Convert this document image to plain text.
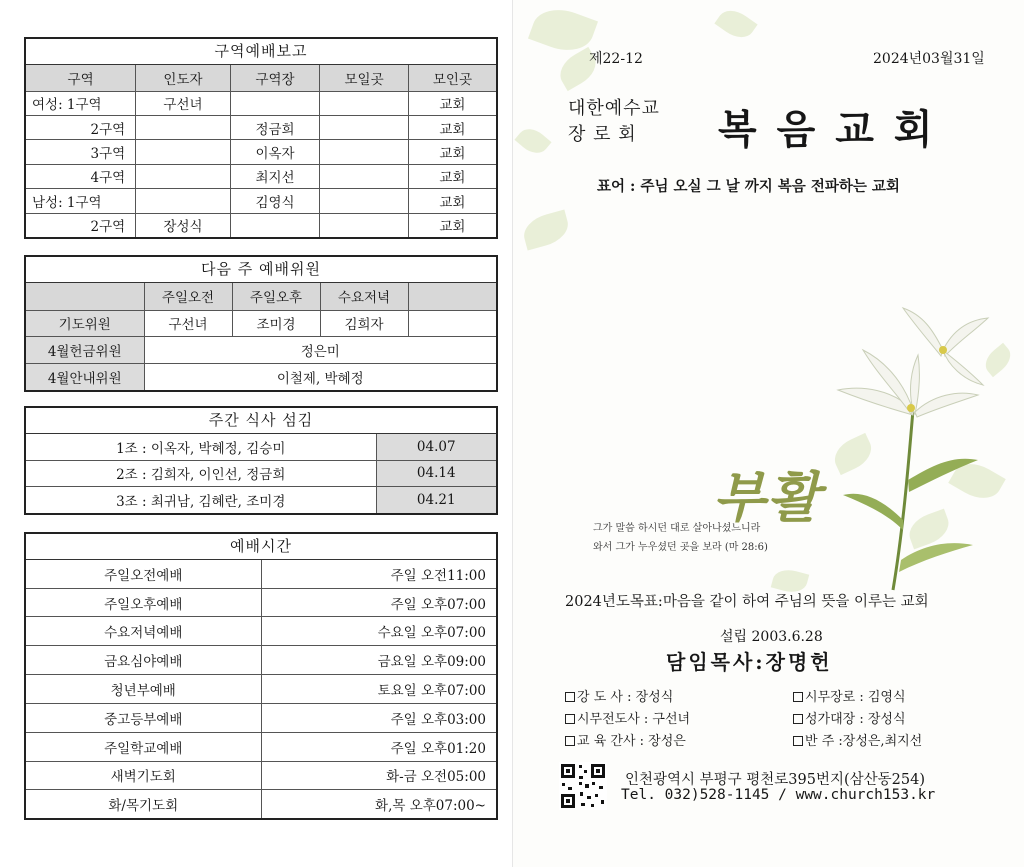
구역예배보고
구역	인도자	구역장	모일곳	모인곳
여성: 1구역	구선녀			교회
2구역		정금희		교회
3구역		이옥자		교회
4구역		최지선		교회
남성: 1구역		김영식		교회
2구역	장성식			교회
다음 주 예배위원
	주일오전	주일오후	수요저녁	
기도위원	구선녀	조미경	김희자	
4월헌금위원	정은미			
4월안내위원	이철제, 박혜정			
주간 식사 섬김
1조 : 이옥자, 박혜정, 김승미	04.07
2조 : 김희자, 이인선, 정금희	04.14
3조 : 최귀남, 김혜란, 조미경	04.21
예배시간
주일오전예배	주일 오전11:00
주일오후예배	주일 오후07:00
수요저녁예배	수요일 오후07:00
금요심야예배	금요일 오후09:00
청년부예배	토요일 오후07:00
중고등부예배	주일 오후03:00
주일학교예배	주일 오후01:20
새벽기도회	화-금 오전05:00
화/목기도회	화,목 오후07:00~
제22-12	2024년03월31일
대한예수교
장 로 회 복음교회
표어 : 주님 오실 그 날 까지 복음 전파하는 교회
부활
그가 말씀 하시던 대로 살아나셨느니라
와서 그가 누우셨던 곳을 보라 (마 28:6)
2024년도목표:마음을 같이 하여 주님의 뜻을 이루는 교회
설립 2003.6.28
담임목사:장명헌
강 도 사 : 장성식	시무장로 : 김영식
시무전도사 : 구선녀	성가대장 : 장성식
교 육 간사 : 장성은	반 주 :장성은,최지선
인천광역시 부평구 평천로395번지(삼산동254)
Tel. 032)528-1145 / www.church153.kr
